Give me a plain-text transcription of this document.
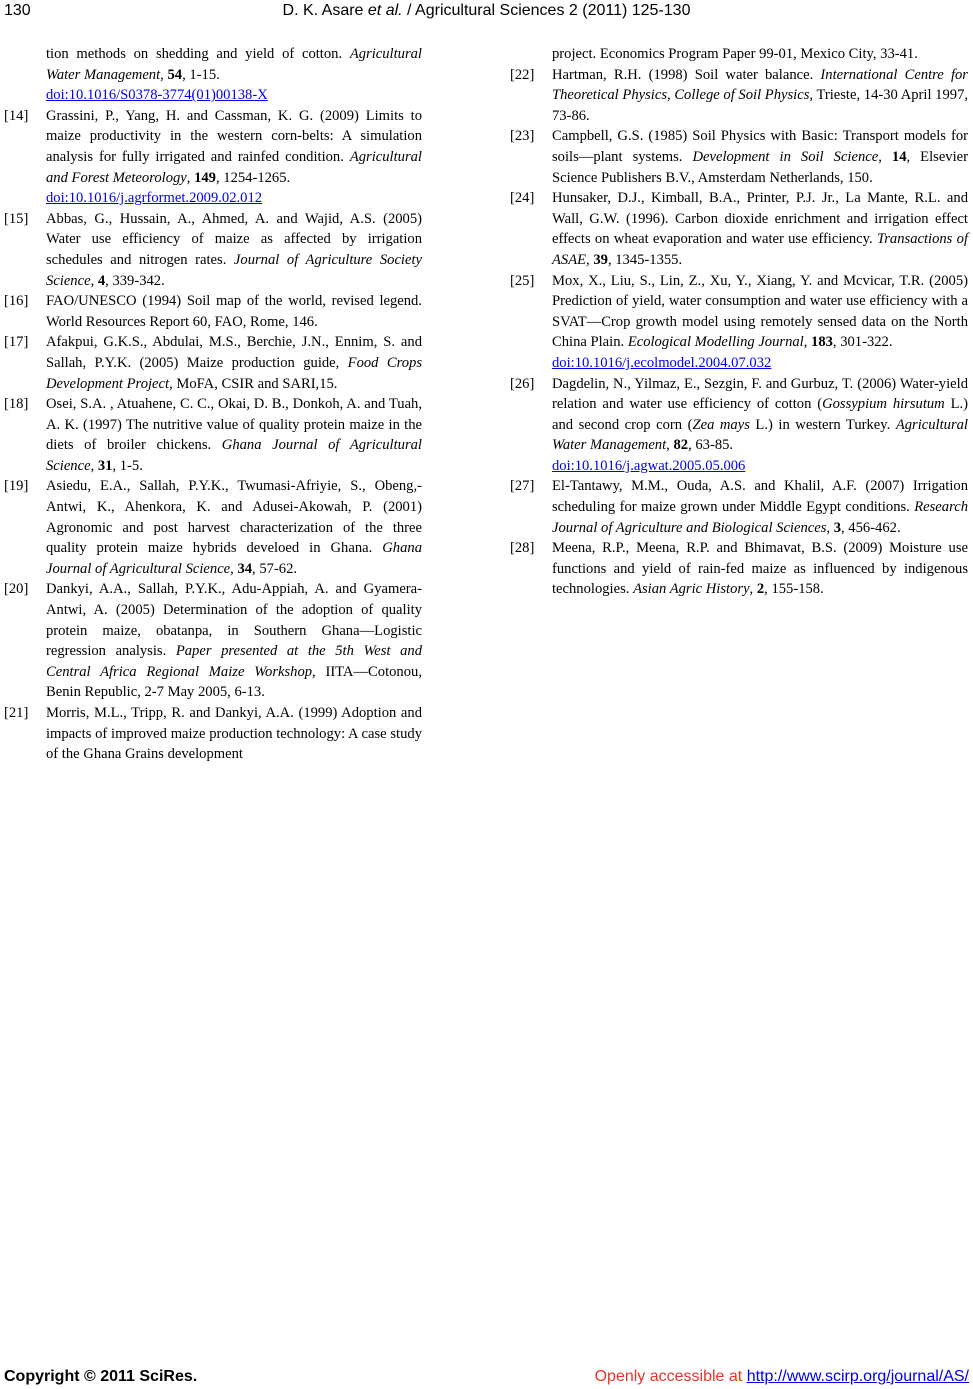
130	D. K. Asare et al. / Agricultural Sciences 2 (2011) 125-130

tion methods on shedding and yield of cotton. Agricultural Water Management, 54, 1-15.
doi:10.1016/S0378-3774(01)00138-X

[14] Grassini, P., Yang, H. and Cassman, K. G. (2009) Limits to maize productivity in the western corn-belts: A simulation analysis for fully irrigated and rainfed condition. Agricultural and Forest Meteorology, 149, 1254-1265.
doi:10.1016/j.agrformet.2009.02.012

[15] Abbas, G., Hussain, A., Ahmed, A. and Wajid, A.S. (2005) Water use efficiency of maize as affected by irrigation schedules and nitrogen rates. Journal of Agriculture Society Science, 4, 339-342.

[16] FAO/UNESCO (1994) Soil map of the world, revised legend. World Resources Report 60, FAO, Rome, 146.

[17] Afakpui, G.K.S., Abdulai, M.S., Berchie, J.N., Ennim, S. and Sallah, P.Y.K. (2005) Maize production guide, Food Crops Development Project, MoFA, CSIR and SARI,15.

[18] Osei, S.A. , Atuahene, C. C., Okai, D. B., Donkoh, A. and Tuah, A. K. (1997) The nutritive value of quality protein maize in the diets of broiler chickens. Ghana Journal of Agricultural Science, 31, 1-5.

[19] Asiedu, E.A., Sallah, P.Y.K., Twumasi-Afriyie, S., Obeng,-Antwi, K., Ahenkora, K. and Adusei-Akowah, P. (2001) Agronomic and post harvest characterization of the three quality protein maize hybrids develoed in Ghana. Ghana Journal of Agricultural Science, 34, 57-62.

[20] Dankyi, A.A., Sallah, P.Y.K., Adu-Appiah, A. and Gyamera-Antwi, A. (2005) Determination of the adoption of quality protein maize, obatanpa, in Southern Ghana—Logistic regression analysis. Paper presented at the 5th West and Central Africa Regional Maize Workshop, IITA—Cotonou, Benin Republic, 2-7 May 2005, 6-13.

[21] Morris, M.L., Tripp, R. and Dankyi, A.A. (1999) Adoption and impacts of improved maize production technology: A case study of the Ghana Grains development

project. Economics Program Paper 99-01, Mexico City, 33-41.

[22] Hartman, R.H. (1998) Soil water balance. International Centre for Theoretical Physics, College of Soil Physics, Trieste, 14-30 April 1997, 73-86.

[23] Campbell, G.S. (1985) Soil Physics with Basic: Transport models for soils—plant systems. Development in Soil Science, 14, Elsevier Science Publishers B.V., Amsterdam Netherlands, 150.

[24] Hunsaker, D.J., Kimball, B.A., Printer, P.J. Jr., La Mante, R.L. and Wall, G.W. (1996). Carbon dioxide enrichment and irrigation effect effects on wheat evaporation and water use efficiency. Transactions of ASAE, 39, 1345-1355.

[25] Mox, X., Liu, S., Lin, Z., Xu, Y., Xiang, Y. and Mcvicar, T.R. (2005) Prediction of yield, water consumption and water use efficiency with a SVAT—Crop growth model using remotely sensed data on the North China Plain. Ecological Modelling Journal, 183, 301-322.
doi:10.1016/j.ecolmodel.2004.07.032

[26] Dagdelin, N., Yilmaz, E., Sezgin, F. and Gurbuz, T. (2006) Water-yield relation and water use efficiency of cotton (Gossypium hirsutum L.) and second crop corn (Zea mays L.) in western Turkey. Agricultural Water Management, 82, 63-85.
doi:10.1016/j.agwat.2005.05.006

[27] El-Tantawy, M.M., Ouda, A.S. and Khalil, A.F. (2007) Irrigation scheduling for maize grown under Middle Egypt conditions. Research Journal of Agriculture and Biological Sciences, 3, 456-462.

[28] Meena, R.P., Meena, R.P. and Bhimavat, B.S. (2009) Moisture use functions and yield of rain-fed maize as influenced by indigenous technologies. Asian Agric History, 2, 155-158.

Copyright © 2011 SciRes.	Openly accessible at http://www.scirp.org/journal/AS/
